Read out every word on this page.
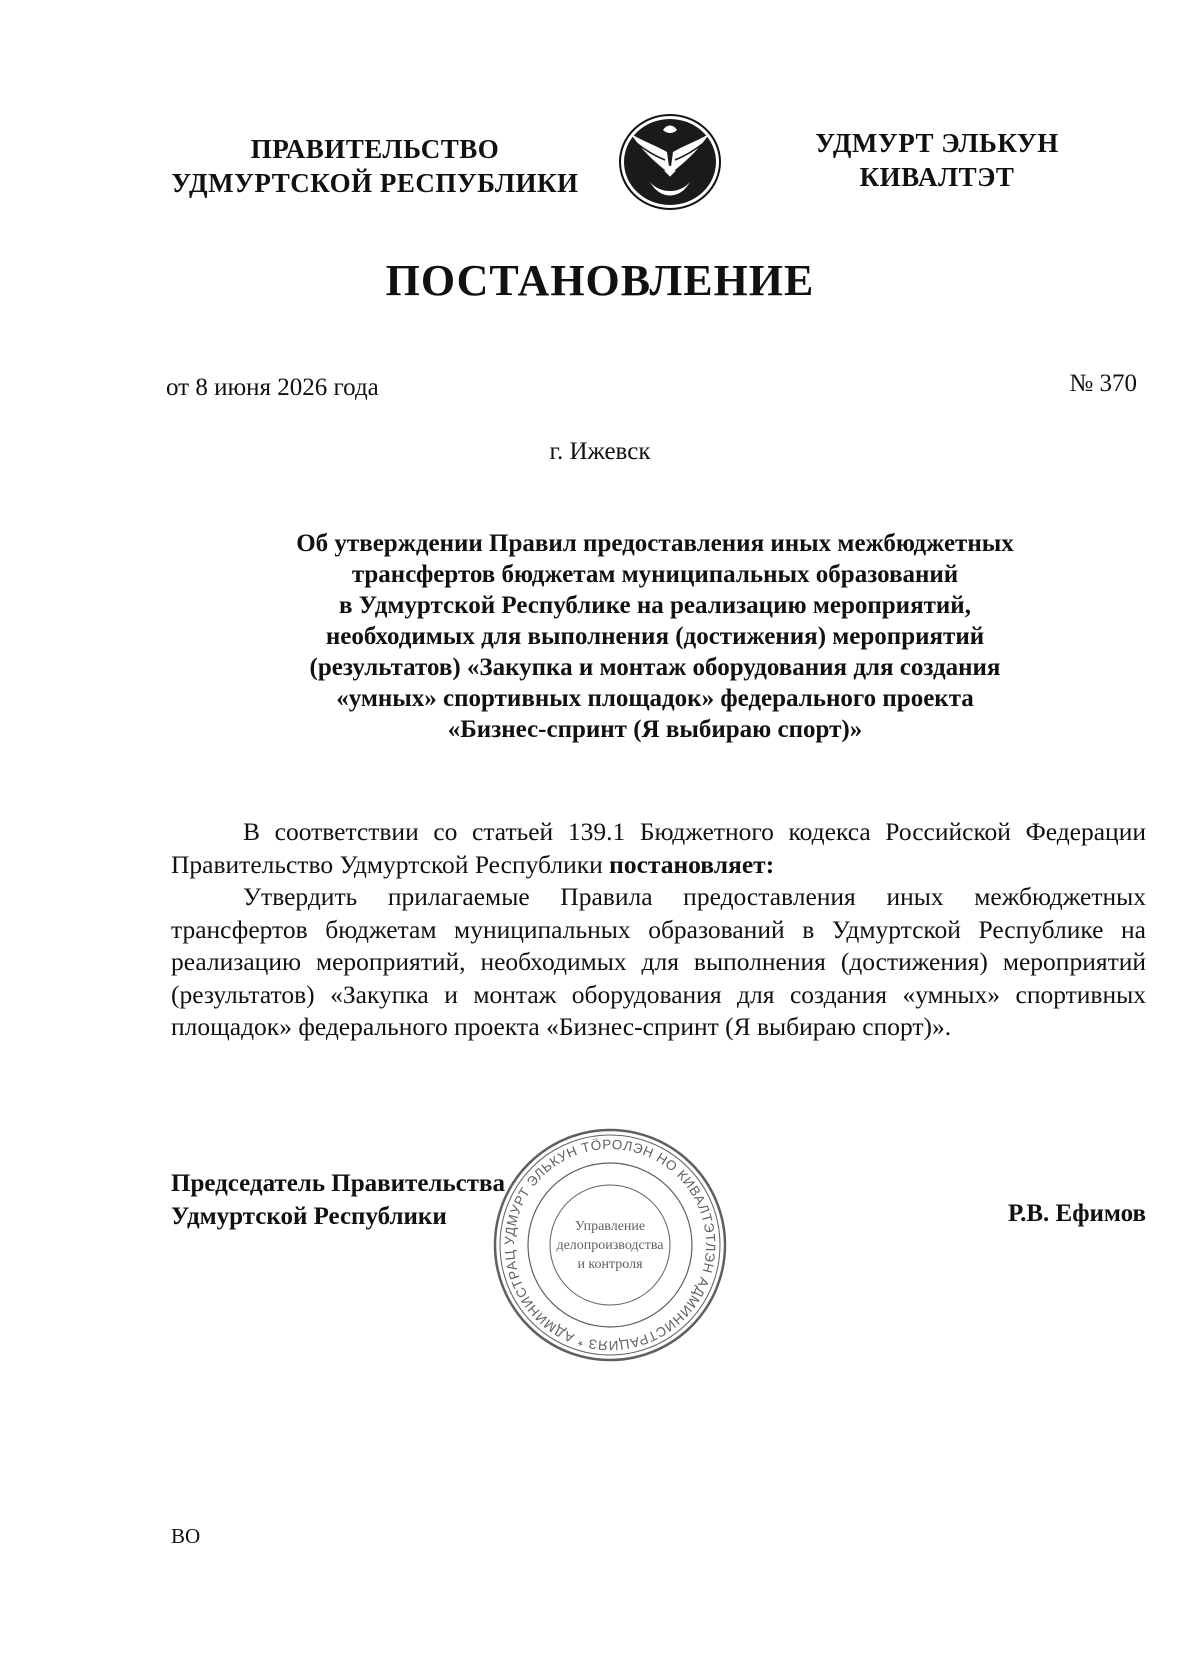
ПРАВИТЕЛЬСТВО
УДМУРТСКОЙ РЕСПУБЛИКИ
УДМУРТ ЭЛЬКУН
КИВАЛТЭТ
ПОСТАНОВЛЕНИЕ
от 8 июня 2026 года	№ 370
г. Ижевск
Об утверждении Правил предоставления иных межбюджетных
трансфертов бюджетам муниципальных образований
в Удмуртской Республике на реализацию мероприятий,
необходимых для выполнения (достижения) мероприятий
(результатов) «Закупка и монтаж оборудования для создания
«умных» спортивных площадок» федерального проекта
«Бизнес-спринт (Я выбираю спорт)»

В соответствии со статьей 139.1 Бюджетного кодекса Российской Федерации Правительство Удмуртской Республики постановляет:

Утвердить прилагаемые Правила предоставления иных межбюджетных трансфертов бюджетам муниципальных образований в Удмуртской Республике на реализацию мероприятий, необходимых для выполнения (достижения) мероприятий (результатов) «Закупка и монтаж оборудования для создания «умных» спортивных площадок» федерального проекта «Бизнес-спринт (Я выбираю спорт)».

Председатель Правительства
Удмуртской Республики
УДМУРТ ЭЛЬКУН ТӦРОЛЭН НО КИВАЛТЭТЛЭН АДМИНИСТРАЦИЯЗ * АДМИНИСТРАЦ
Управление
делопроизводства
и контроля
Р.В. Ефимов
ВО
